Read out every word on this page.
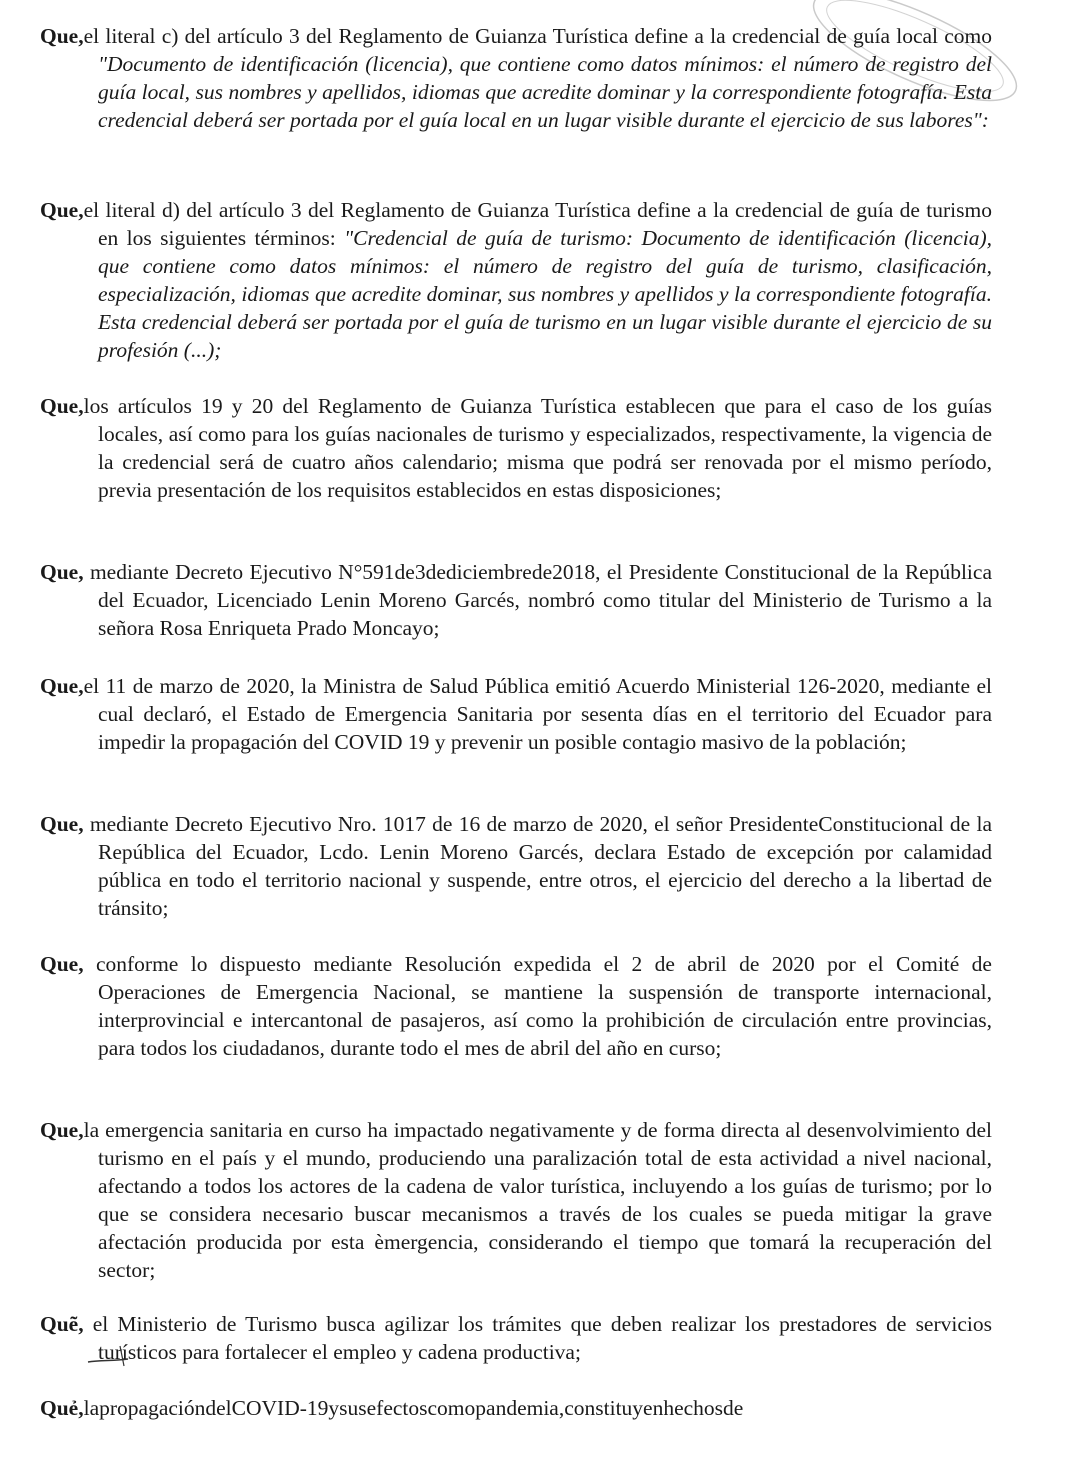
Que,el literal c) del artículo 3 del Reglamento de Guianza Turística define a la credencial de guía local como "Documento de identificación (licencia), que contiene como datos mínimos: el número de registro del guía local, sus nombres y apellidos, idiomas que acredite dominar y la correspondiente fotografía. Esta credencial deberá ser portada por el guía local en un lugar visible durante el ejercicio de sus labores":

Que,el literal d) del artículo 3 del Reglamento de Guianza Turística define a la credencial de guía de turismo en los siguientes términos: "Credencial de guía de turismo: Documento de identificación (licencia), que contiene como datos mínimos: el número de registro del guía de turismo, clasificación, especialización, idiomas que acredite dominar, sus nombres y apellidos y la correspondiente fotografía. Esta credencial deberá ser portada por el guía de turismo en un lugar visible durante el ejercicio de su profesión (...);

Que,los artículos 19 y 20 del Reglamento de Guianza Turística establecen que para el caso de los guías locales, así como para los guías nacionales de turismo y especializados, respectivamente, la vigencia de la credencial será de cuatro años calendario; misma que podrá ser renovada por el mismo período, previa presentación de los requisitos establecidos en estas disposiciones;

Que, mediante Decreto Ejecutivo N°591de3dediciembrede2018, el Presidente Constitucional de la República del Ecuador, Licenciado Lenin Moreno Garcés, nombró como titular del Ministerio de Turismo a la señora Rosa Enriqueta Prado Moncayo;

Que,el 11 de marzo de 2020, la Ministra de Salud Pública emitió Acuerdo Ministerial 126-2020, mediante el cual declaró, el Estado de Emergencia Sanitaria por sesenta días en el territorio del Ecuador para impedir la propagación del COVID 19 y prevenir un posible contagio masivo de la población;

Que, mediante Decreto Ejecutivo Nro. 1017 de 16 de marzo de 2020, el señor PresidenteConstitucional de la República del Ecuador, Lcdo. Lenin Moreno Garcés, declara Estado de excepción por calamidad pública en todo el territorio nacional y suspende, entre otros, el ejercicio del derecho a la libertad de tránsito;

Que, conforme lo dispuesto mediante Resolución expedida el 2 de abril de 2020 por el Comité de Operaciones de Emergencia Nacional, se mantiene la suspensión de transporte internacional, interprovincial e intercantonal de pasajeros, así como la prohibición de circulación entre provincias, para todos los ciudadanos, durante todo el mes de abril del año en curso;

Que,la emergencia sanitaria en curso ha impactado negativamente y de forma directa al desenvolvimiento del turismo en el país y el mundo, produciendo una paralización total de esta actividad a nivel nacional, afectando a todos los actores de la cadena de valor turística, incluyendo a los guías de turismo; por lo que se considera necesario buscar mecanismos a través de los cuales se pueda mitigar la grave afectación producida por esta èmergencia, considerando el tiempo que tomará la recuperación del sector;

Quẽ, el Ministerio de Turismo busca agilizar los trámites que deben realizar los prestadores de servicios turísticos para fortalecer el empleo y cadena productiva;

Quẻ,lapropagacióndelCOVID-19ysusefectoscomopandemia,constituyenhechosde
